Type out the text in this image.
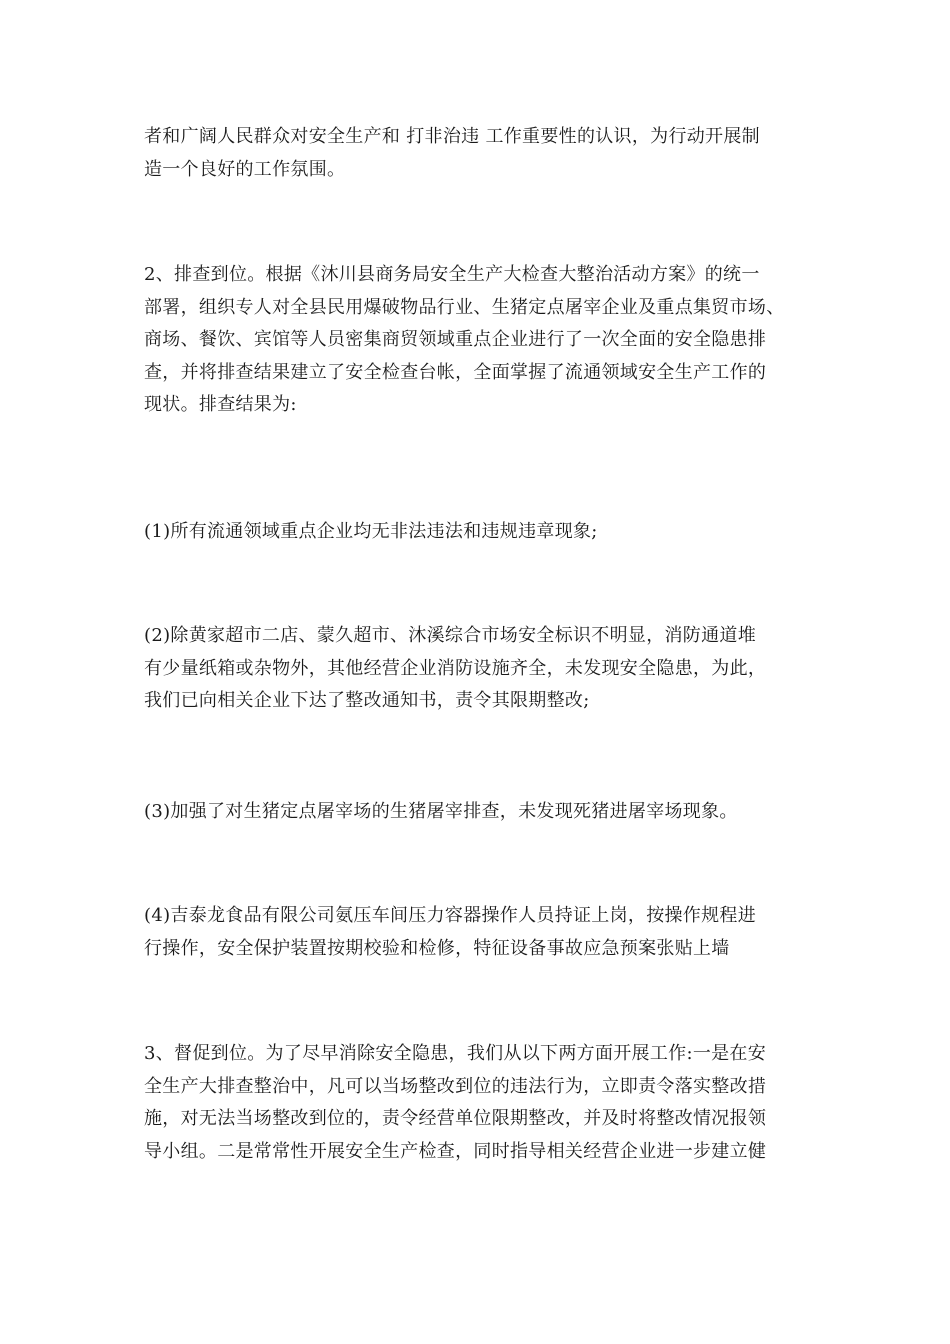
者和广阔人民群众对安全生产和 打非治违 工作重要性的认识，为行动开展制
造一个良好的工作氛围。
2、排查到位。根据《沐川县商务局安全生产大检查大整治活动方案》的统一
部署，组织专人对全县民用爆破物品行业、生猪定点屠宰企业及重点集贸市场、
商场、餐饮、宾馆等人员密集商贸领域重点企业进行了一次全面的安全隐患排
查，并将排查结果建立了安全检查台帐，全面掌握了流通领域安全生产工作的
现状。排查结果为:
(1)所有流通领域重点企业均无非法违法和违规违章现象;
(2)除黄家超市二店、蒙久超市、沐溪综合市场安全标识不明显，消防通道堆
有少量纸箱或杂物外，其他经营企业消防设施齐全，未发现安全隐患，为此，
我们已向相关企业下达了整改通知书，责令其限期整改;
(3)加强了对生猪定点屠宰场的生猪屠宰排查，未发现死猪进屠宰场现象。
(4)吉泰龙食品有限公司氨压车间压力容器操作人员持证上岗，按操作规程进
行操作，安全保护装置按期校验和检修，特征设备事故应急预案张贴上墙
3、督促到位。为了尽早消除安全隐患，我们从以下两方面开展工作:一是在安
全生产大排查整治中，凡可以当场整改到位的违法行为，立即责令落实整改措
施，对无法当场整改到位的，责令经营单位限期整改，并及时将整改情况报领
导小组。二是常常性开展安全生产检查，同时指导相关经营企业进一步建立健
